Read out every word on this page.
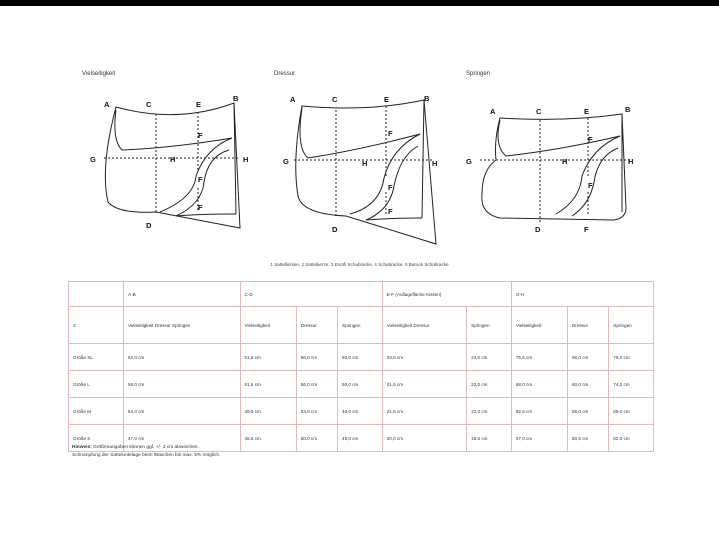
Vielseitigkeit	Dressur	Springen
A	C	E
B
G	H
H
F
F
F
D
A	C	E	B
G	H
H
F
F
F
D
A	C	E	B
G	H
H
F
F
F
D
1 Sattelkissen, 2 Sattelkerze, 3 Exotfi Schabracke, 4 Schabracke, 5 Barock Schabracke
	A-B	C-D			E-F (Auflagefläche Kissen)		G-H		
2	Vielseitigkeit Dressur Springen	Vielseitigkeit	Dressur	Springen	Vielseitigkeit Dressur	Springen	Vielseitigkeit	Dressur	Springen
Größe XL	62,0 cm	51,5 cm	56,0 cm	50,0 cm	23,5 cm	22,0 cm	75,5 cm	66,0 cm	76,0 cm
Größe L	58,0 cm	51,5 cm	56,0 cm	50,0 cm	21,5 cm	22,0 cm	68,0 cm	60,0 cm	74,0 cm
Größe M	54,0 cm	49,5 cm	53,0 cm	48,0 cm	21,5 cm	22,0 cm	62,5 cm	56,0 cm	69,0 cm
Größe S	47,0 cm	46,5 cm	50,0 cm	45,0 cm	20,0 cm	18,5 cm	57,0 cm	50,5 cm	62,0 cm
Hinweis: Größenangaben können ggf. +/- 2 cm abweichen.
Schrumpfung der Satteluntelage beim Waschen bis max. 5% möglich.
